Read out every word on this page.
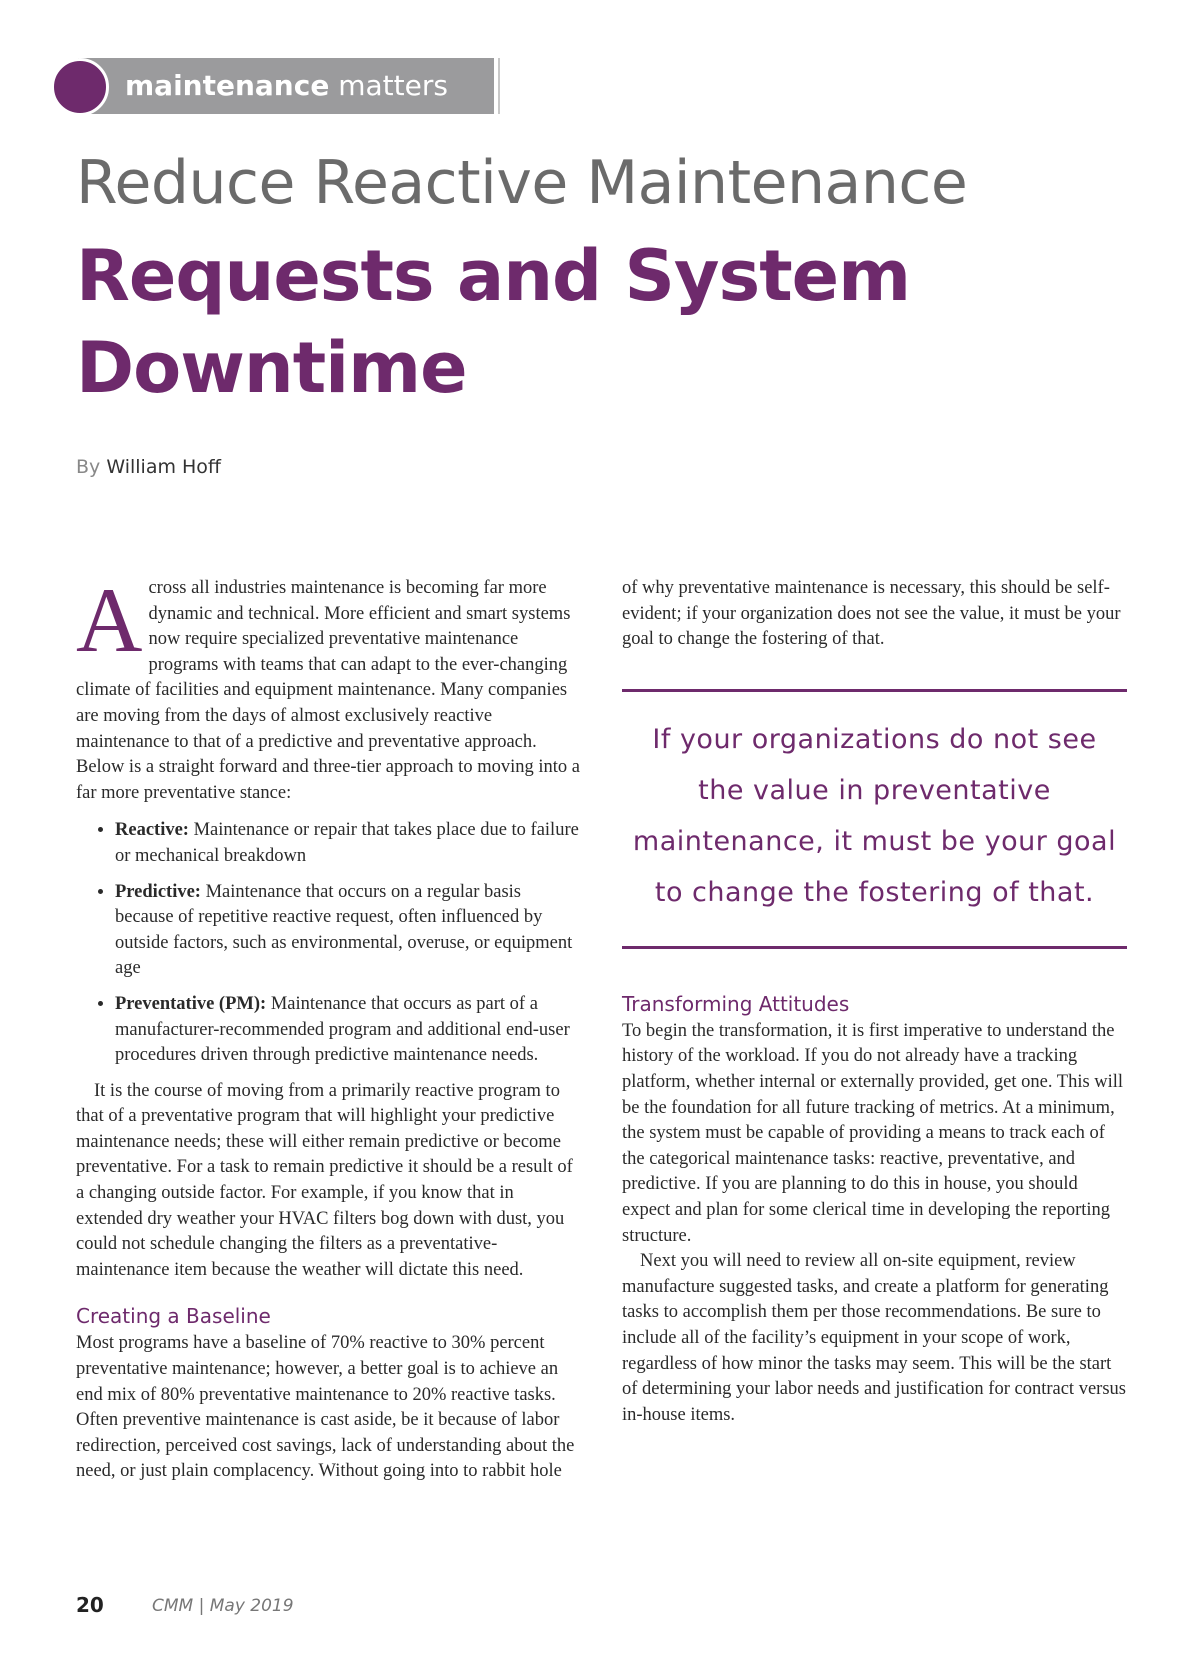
maintenance matters
Reduce Reactive Maintenance
Requests and System Downtime
By William Hoff

Across all industries maintenance is becoming far more dynamic and technical. More efficient and smart systems now require specialized preventative maintenance programs with teams that can adapt to the ever-changing climate of facilities and equipment maintenance. Many companies are moving from the days of almost exclusively reactive maintenance to that of a predictive and preventative approach. Below is a straight forward and three-tier approach to moving into a far more preventative stance:

• Reactive: Maintenance or repair that takes place due to failure or mechanical breakdown
• Predictive: Maintenance that occurs on a regular basis because of repetitive reactive request, often influenced by outside factors, such as environmental, overuse, or equipment age
• Preventative (PM): Maintenance that occurs as part of a manufacturer-recommended program and additional end-user procedures driven through predictive maintenance needs.

It is the course of moving from a primarily reactive program to that of a preventative program that will highlight your predictive maintenance needs; these will either remain predictive or become preventative. For a task to remain predictive it should be a result of a changing outside factor. For example, if you know that in extended dry weather your HVAC filters bog down with dust, you could not schedule changing the filters as a preventative-maintenance item because the weather will dictate this need.

Creating a Baseline

Most programs have a baseline of 70% reactive to 30% percent preventative maintenance; however, a better goal is to achieve an end mix of 80% preventative maintenance to 20% reactive tasks. Often preventive maintenance is cast aside, be it because of labor redirection, perceived cost savings, lack of understanding about the need, or just plain complacency. Without going into to rabbit hole

of why preventative maintenance is necessary, this should be self-evident; if your organization does not see the value, it must be your goal to change the fostering of that.

If your organizations do not see the value in preventative maintenance, it must be your goal to change the fostering of that.
Transforming Attitudes

To begin the transformation, it is first imperative to understand the history of the workload. If you do not already have a tracking platform, whether internal or externally provided, get one. This will be the foundation for all future tracking of metrics. At a minimum, the system must be capable of providing a means to track each of the categorical maintenance tasks: reactive, preventative, and predictive. If you are planning to do this in house, you should expect and plan for some clerical time in developing the reporting structure.

Next you will need to review all on-site equipment, review manufacture suggested tasks, and create a platform for generating tasks to accomplish them per those recommendations. Be sure to include all of the facility’s equipment in your scope of work, regardless of how minor the tasks may seem. This will be the start of determining your labor needs and justification for contract versus in-house items.

20	CMM | May 2019
